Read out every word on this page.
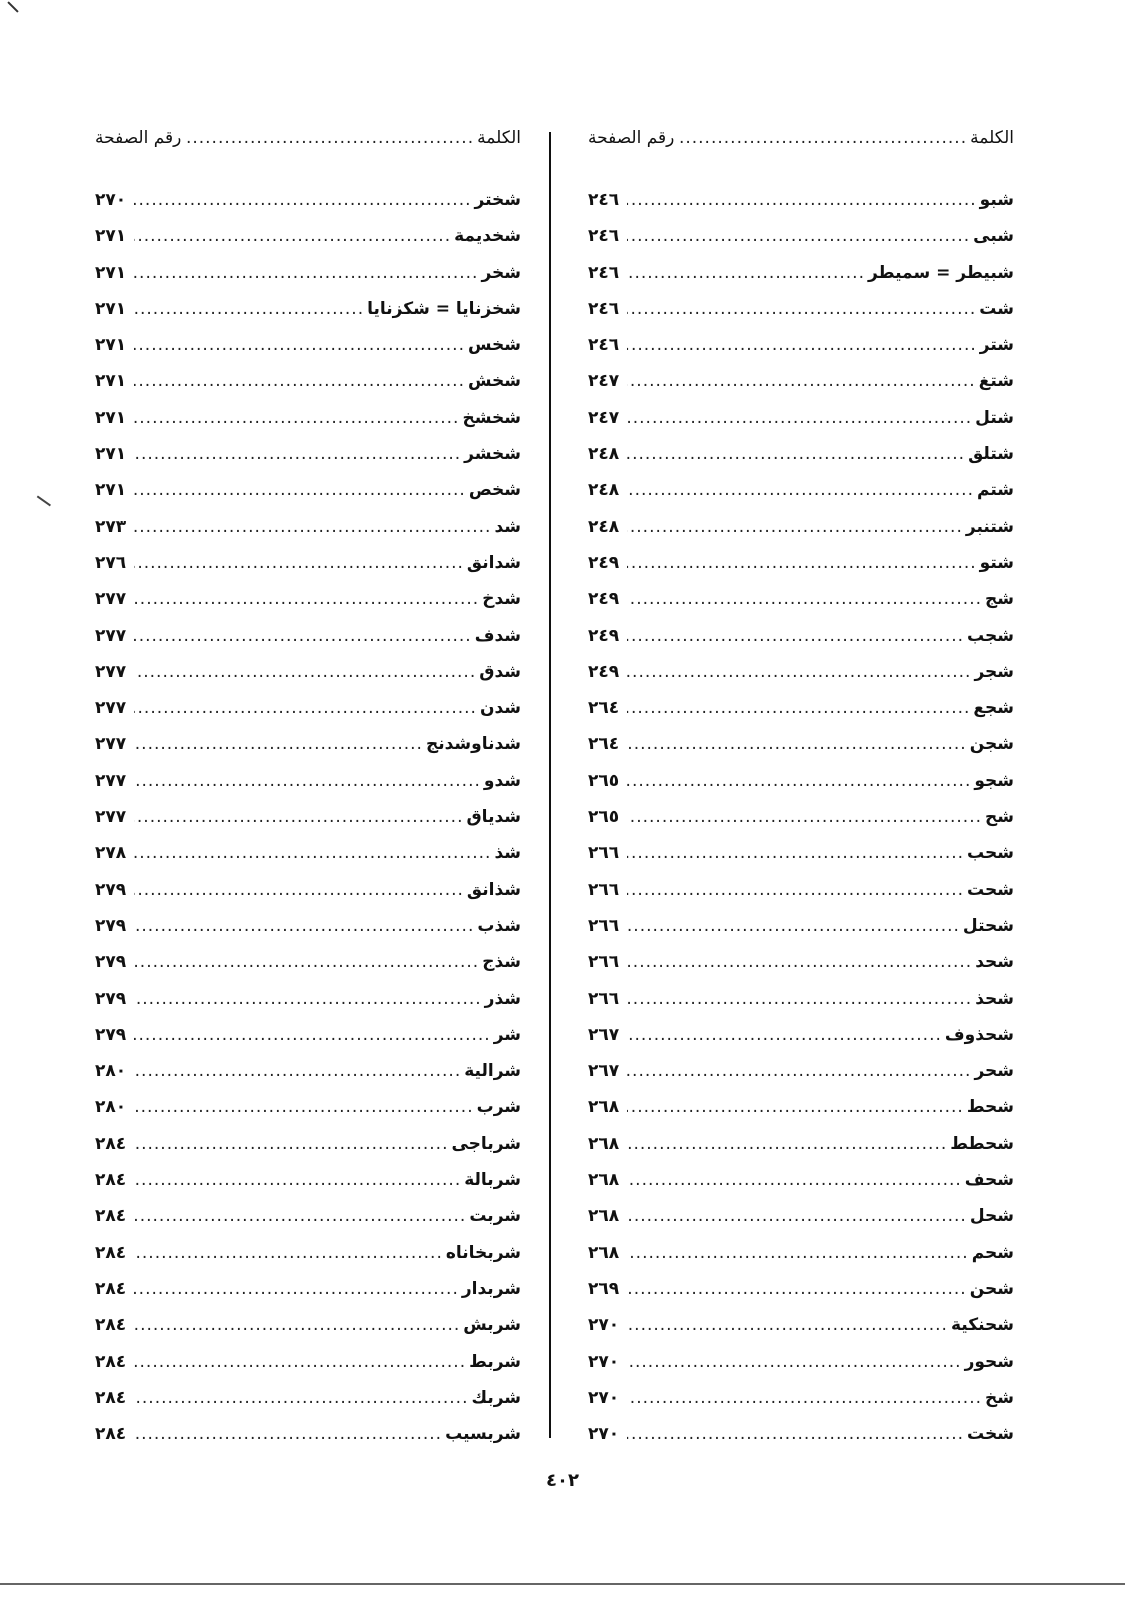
الكلمة
.....
رقم الصفحة
شبو
.....
٢٤٦
شبى
.....
٢٤٦
شبيطر = سميطر
.....
٢٤٦
شت
.....
٢٤٦
شتر
.....
٢٤٦
شتغ
.....
٢٤٧
شتل
.....
٢٤٧
شتلق
.....
٢٤٨
شتم
.....
٢٤٨
شتنبر
.....
٢٤٨
شتو
.....
٢٤٩
شج
.....
٢٤٩
شجب
.....
٢٤٩
شجر
.....
٢٤٩
شجع
.....
٢٦٤
شجن
.....
٢٦٤
شجو
.....
٢٦٥
شح
.....
٢٦٥
شحب
.....
٢٦٦
شحت
.....
٢٦٦
شحتل
.....
٢٦٦
شحد
.....
٢٦٦
شحذ
.....
٢٦٦
شحذوف
.....
٢٦٧
شحر
.....
٢٦٧
شحط
.....
٢٦٨
شحطط
.....
٢٦٨
شحف
.....
٢٦٨
شحل
.....
٢٦٨
شحم
.....
٢٦٨
شحن
.....
٢٦٩
شحنكية
.....
٢٧٠
شحور
.....
٢٧٠
شخ
.....
٢٧٠
شخت
.....
٢٧٠
الكلمة
.....
رقم الصفحة
شختر
.....
٢٧٠
شخديمة
.....
٢٧١
شخر
.....
٢٧١
شخزنايا = شكزنايا
.....
٢٧١
شخس
.....
٢٧١
شخش
.....
٢٧١
شخشخ
.....
٢٧١
شخشر
.....
٢٧١
شخص
.....
٢٧١
شد
.....
٢٧٣
شدانق
.....
٢٧٦
شدخ
.....
٢٧٧
شدف
.....
٢٧٧
شدق
.....
٢٧٧
شدن
.....
٢٧٧
شدناوشدنج
.....
٢٧٧
شدو
.....
٢٧٧
شدياق
.....
٢٧٧
شذ
.....
٢٧٨
شذانق
.....
٢٧٩
شذب
.....
٢٧٩
شذج
.....
٢٧٩
شذر
.....
٢٧٩
شر
.....
٢٧٩
شرالية
.....
٢٨٠
شرب
.....
٢٨٠
شرباجى
.....
٢٨٤
شربالة
.....
٢٨٤
شربت
.....
٢٨٤
شربخاناه
.....
٢٨٤
شربدار
.....
٢٨٤
شربش
.....
٢٨٤
شربط
.....
٢٨٤
شربك
.....
٢٨٤
شربسيب
.....
٢٨٤
٤٠٢
